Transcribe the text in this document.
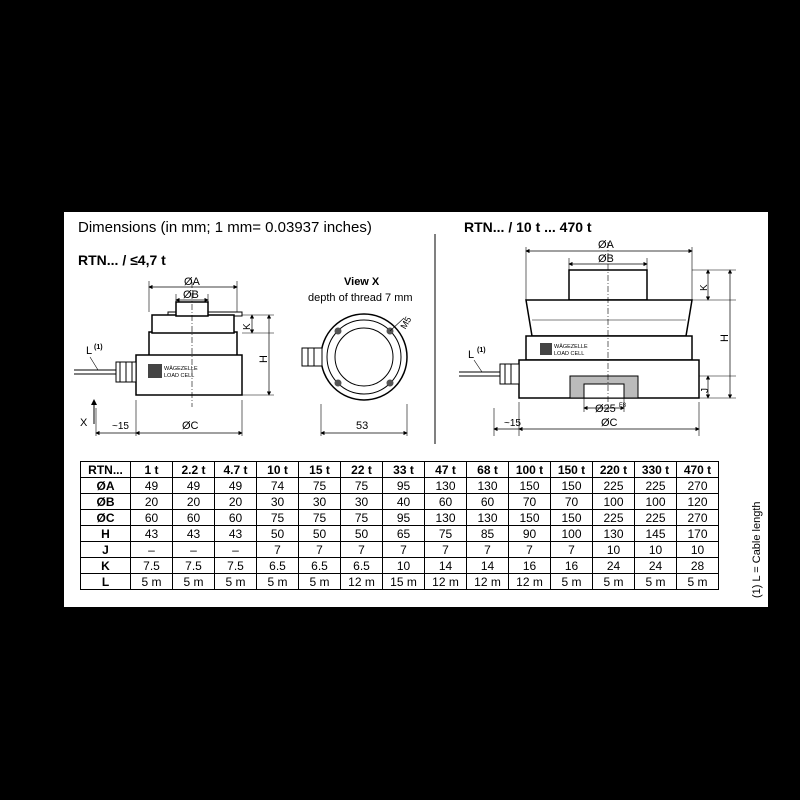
Dimensions (in mm; 1 mm= 0.03937 inches)
RTN... / ≤4,7 t
RTN... / 10 t ... 470 t
WÄGEZELLE
LOAD CELL
ØA
ØB
K
H
ØC
~15
X
L (1)
View X
depth of thread 7 mm
M5
53
WÄGEZELLE
LOAD CELL
ØA
ØB
K
H
J
Ø25 F8
ØC
~15
L (1)
RTN...	1 t	2.2 t	4.7 t	10 t	15 t	22 t	33 t	47 t	68 t	100 t	150 t	220 t	330 t	470 t
ØA	49	49	49	74	75	75	95	130	130	150	150	225	225	270
ØB	20	20	20	30	30	30	40	60	60	70	70	100	100	120
ØC	60	60	60	75	75	75	95	130	130	150	150	225	225	270
H	43	43	43	50	50	50	65	75	85	90	100	130	145	170
J	–	–	–	7	7	7	7	7	7	7	7	10	10	10
K	7.5	7.5	7.5	6.5	6.5	6.5	10	14	14	16	16	24	24	28
L	5 m	5 m	5 m	5 m	5 m	12 m	15 m	12 m	12 m	12 m	5 m	5 m	5 m	5 m	(1) L = Cable length
